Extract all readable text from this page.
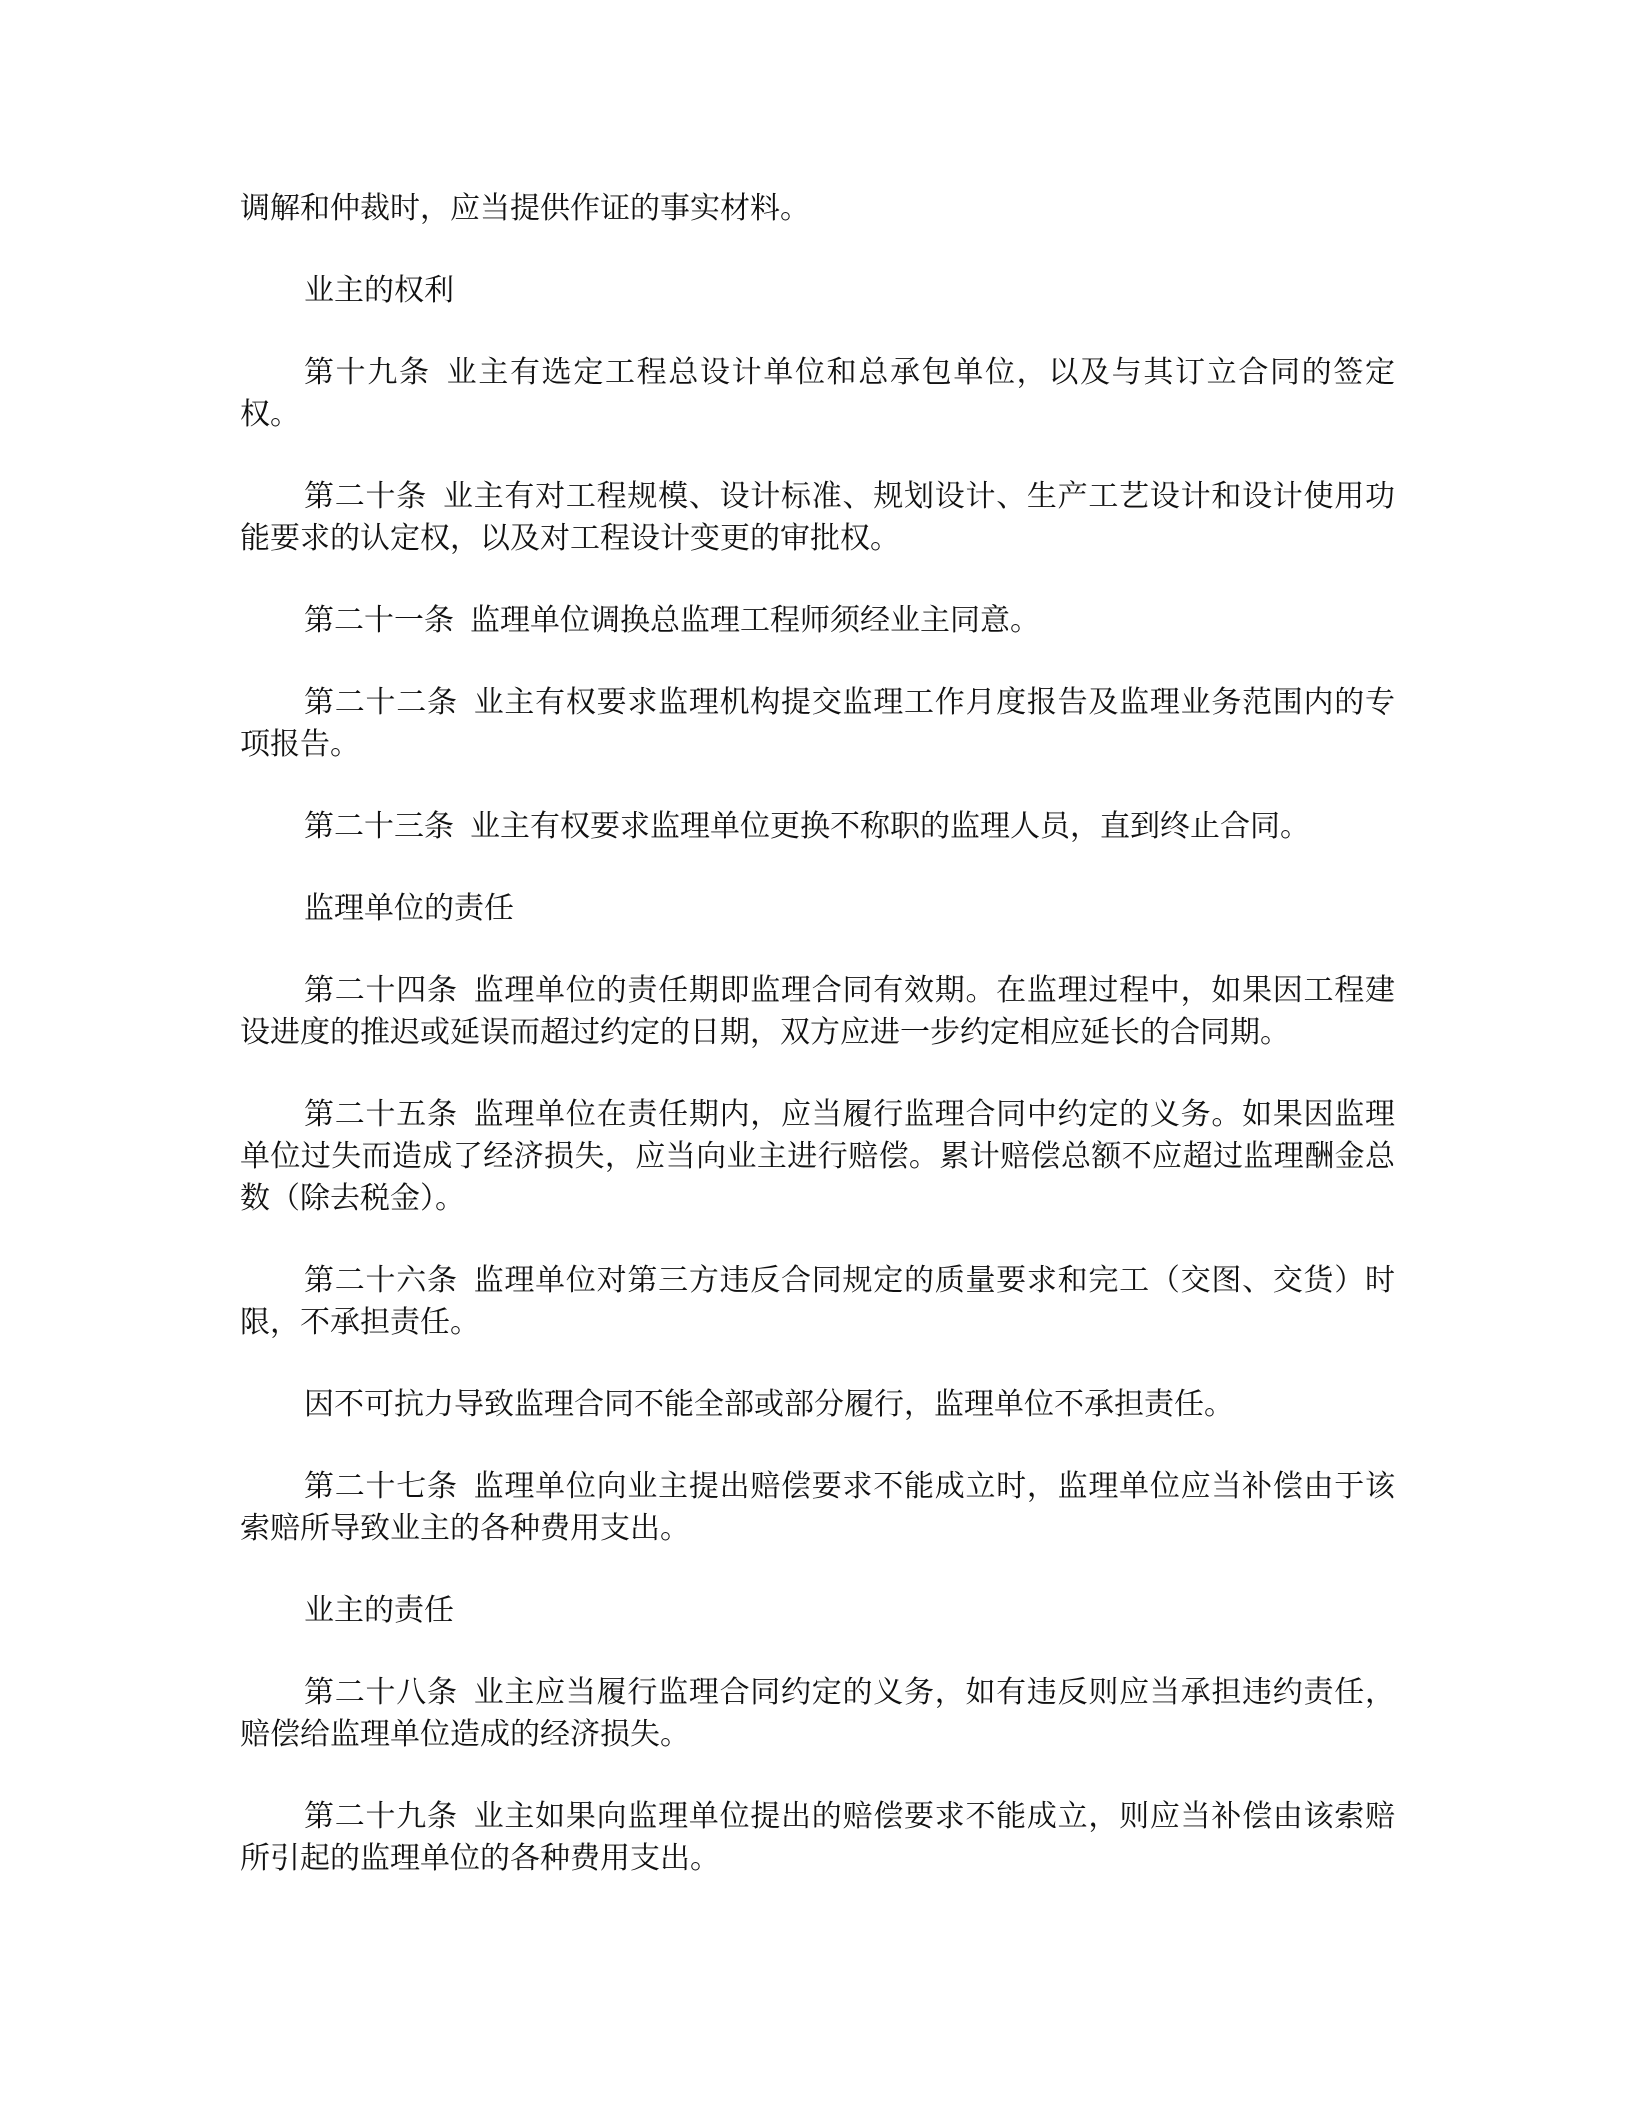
调解和仲裁时，应当提供作证的事实材料。

业主的权利

第十九条 业主有选定工程总设计单位和总承包单位，以及与其订立合同的签定权。

第二十条 业主有对工程规模、设计标准、规划设计、生产工艺设计和设计使用功能要求的认定权，以及对工程设计变更的审批权。

第二十一条 监理单位调换总监理工程师须经业主同意。

第二十二条 业主有权要求监理机构提交监理工作月度报告及监理业务范围内的专项报告。

第二十三条 业主有权要求监理单位更换不称职的监理人员，直到终止合同。

监理单位的责任

第二十四条 监理单位的责任期即监理合同有效期。在监理过程中，如果因工程建设进度的推迟或延误而超过约定的日期，双方应进一步约定相应延长的合同期。

第二十五条 监理单位在责任期内，应当履行监理合同中约定的义务。如果因监理单位过失而造成了经济损失，应当向业主进行赔偿。累计赔偿总额不应超过监理酬金总数（除去税金）。

第二十六条 监理单位对第三方违反合同规定的质量要求和完工（交图、交货）时限，不承担责任。

因不可抗力导致监理合同不能全部或部分履行，监理单位不承担责任。

第二十七条 监理单位向业主提出赔偿要求不能成立时，监理单位应当补偿由于该索赔所导致业主的各种费用支出。

业主的责任

第二十八条 业主应当履行监理合同约定的义务，如有违反则应当承担违约责任，赔偿给监理单位造成的经济损失。

第二十九条 业主如果向监理单位提出的赔偿要求不能成立，则应当补偿由该索赔所引起的监理单位的各种费用支出。
